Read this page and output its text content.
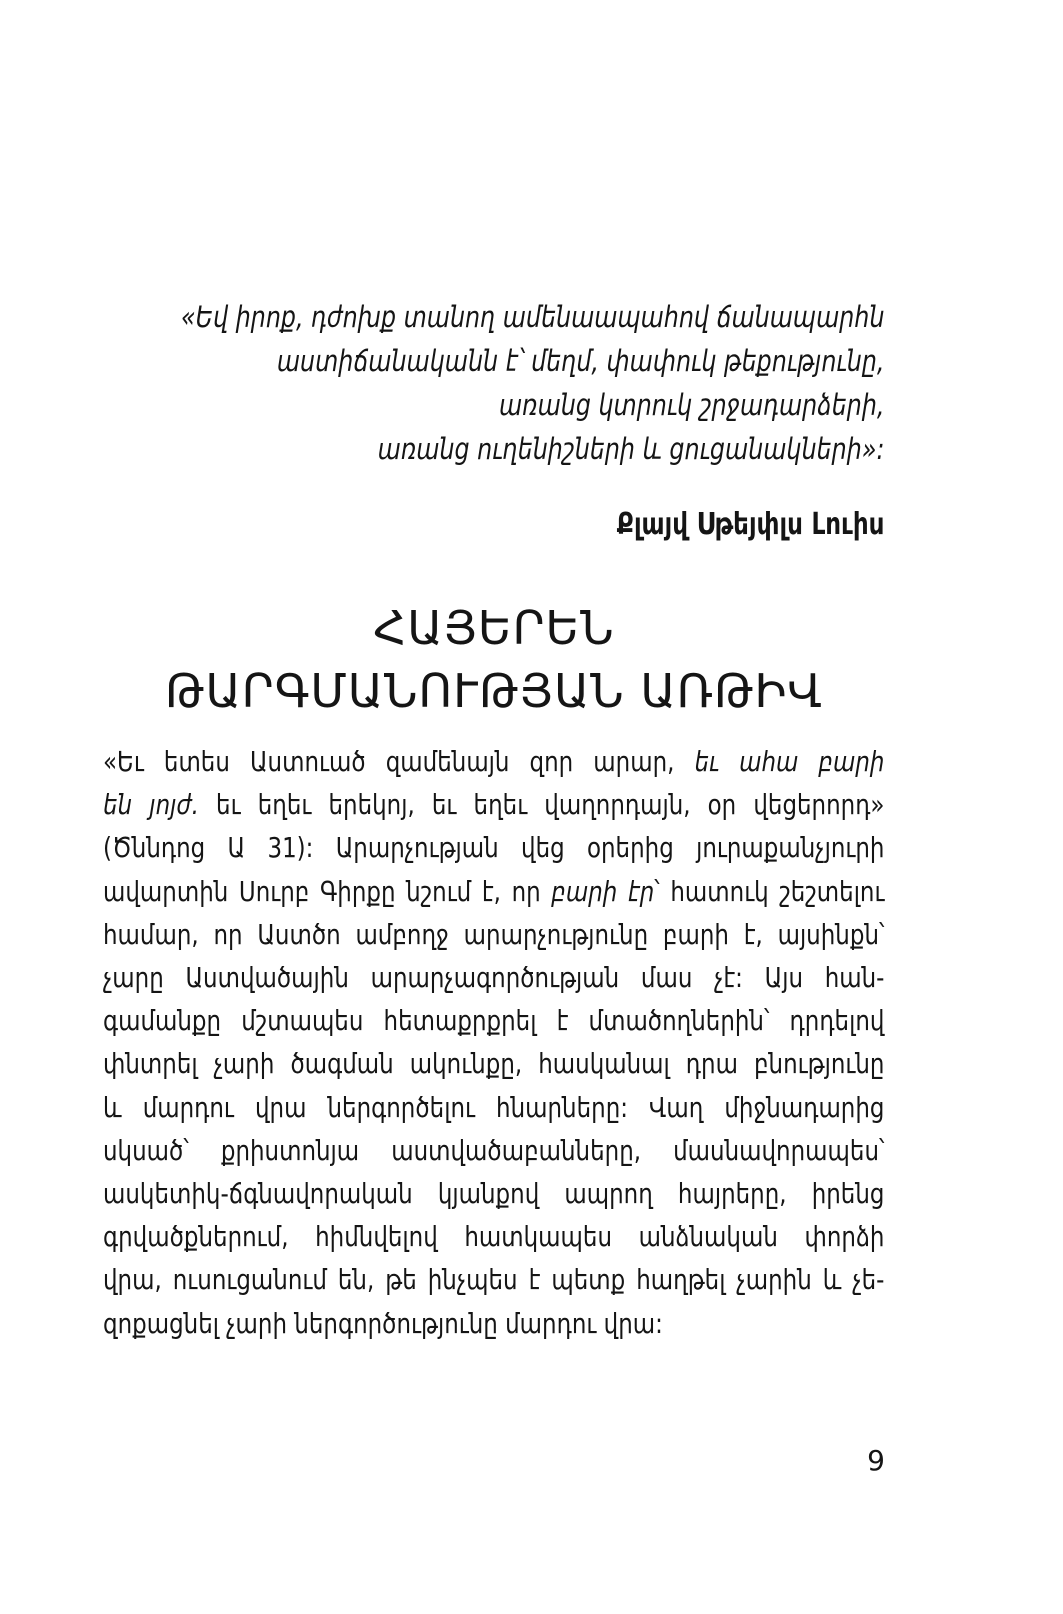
«Եվ իրոք, դժոխք տանող ամենաապահով ճանապարհն
աստիճանականն է՝ մեղմ, փափուկ թեքությունը,
առանց կտրուկ շրջադարձերի,
առանց ուղենիշների և ցուցանակների»:
Քլայվ Սթեյփլս Լուիս
ՀԱՅԵՐԵՆ
ԹԱՐԳՄԱՆՈՒԹՅԱՆ ԱՌԹԻՎ
«Եւ ետես Աստուած զամենայն զոր արար, եւ ահա բարի
են յոյժ. եւ եղեւ երեկոյ, եւ եղեւ վաղորդայն, օր վեցերորդ»
(Ծննդոց Ա 31): Արարչության վեց օրերից յուրաքանչյուրի
ավարտին Սուրբ Գիրքը նշում է, որ բարի էր՝ հատուկ շեշտելու
համար, որ Աստծո ամբողջ արարչությունը բարի է, այսինքն՝
չարը Աստվածային արարչագործության մաս չէ: Այս հան-
գամանքը մշտապես հետաքրքրել է մտածողներին՝ դրդելով
փնտրել չարի ծագման ակունքը, հասկանալ դրա բնությունը
և մարդու վրա ներգործելու հնարները: Վաղ միջնադարից
սկսած՝ քրիստոնյա աստվածաբանները, մասնավորապես՝
ասկետիկ-ճգնավորական կյանքով ապրող հայրերը, իրենց
գրվածքներում, հիմնվելով հատկապես անձնական փորձի
վրա, ուսուցանում են, թե ինչպես է պետք հաղթել չարին և չե-
զոքացնել չարի ներգործությունը մարդու վրա:
9
